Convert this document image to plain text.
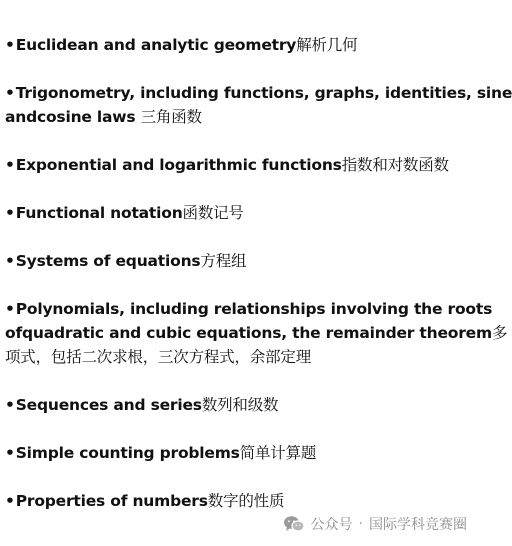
•Euclidean and analytic geometry解析几何
•Trigonometry, including functions, graphs, identities, sine
andcosine laws 三角函数
•Exponential and logarithmic functions指数和对数函数
•Functional notation函数记号
•Systems of equations方程组
•Polynomials, including relationships involving the roots
ofquadratic and cubic equations, the remainder theorem多
项式，包括二次求根，三次方程式，余部定理
•Sequences and series数列和级数
•Simple counting problems简单计算题
•Properties of numbers数字的性质
公众号 · 国际学科竞赛圈
